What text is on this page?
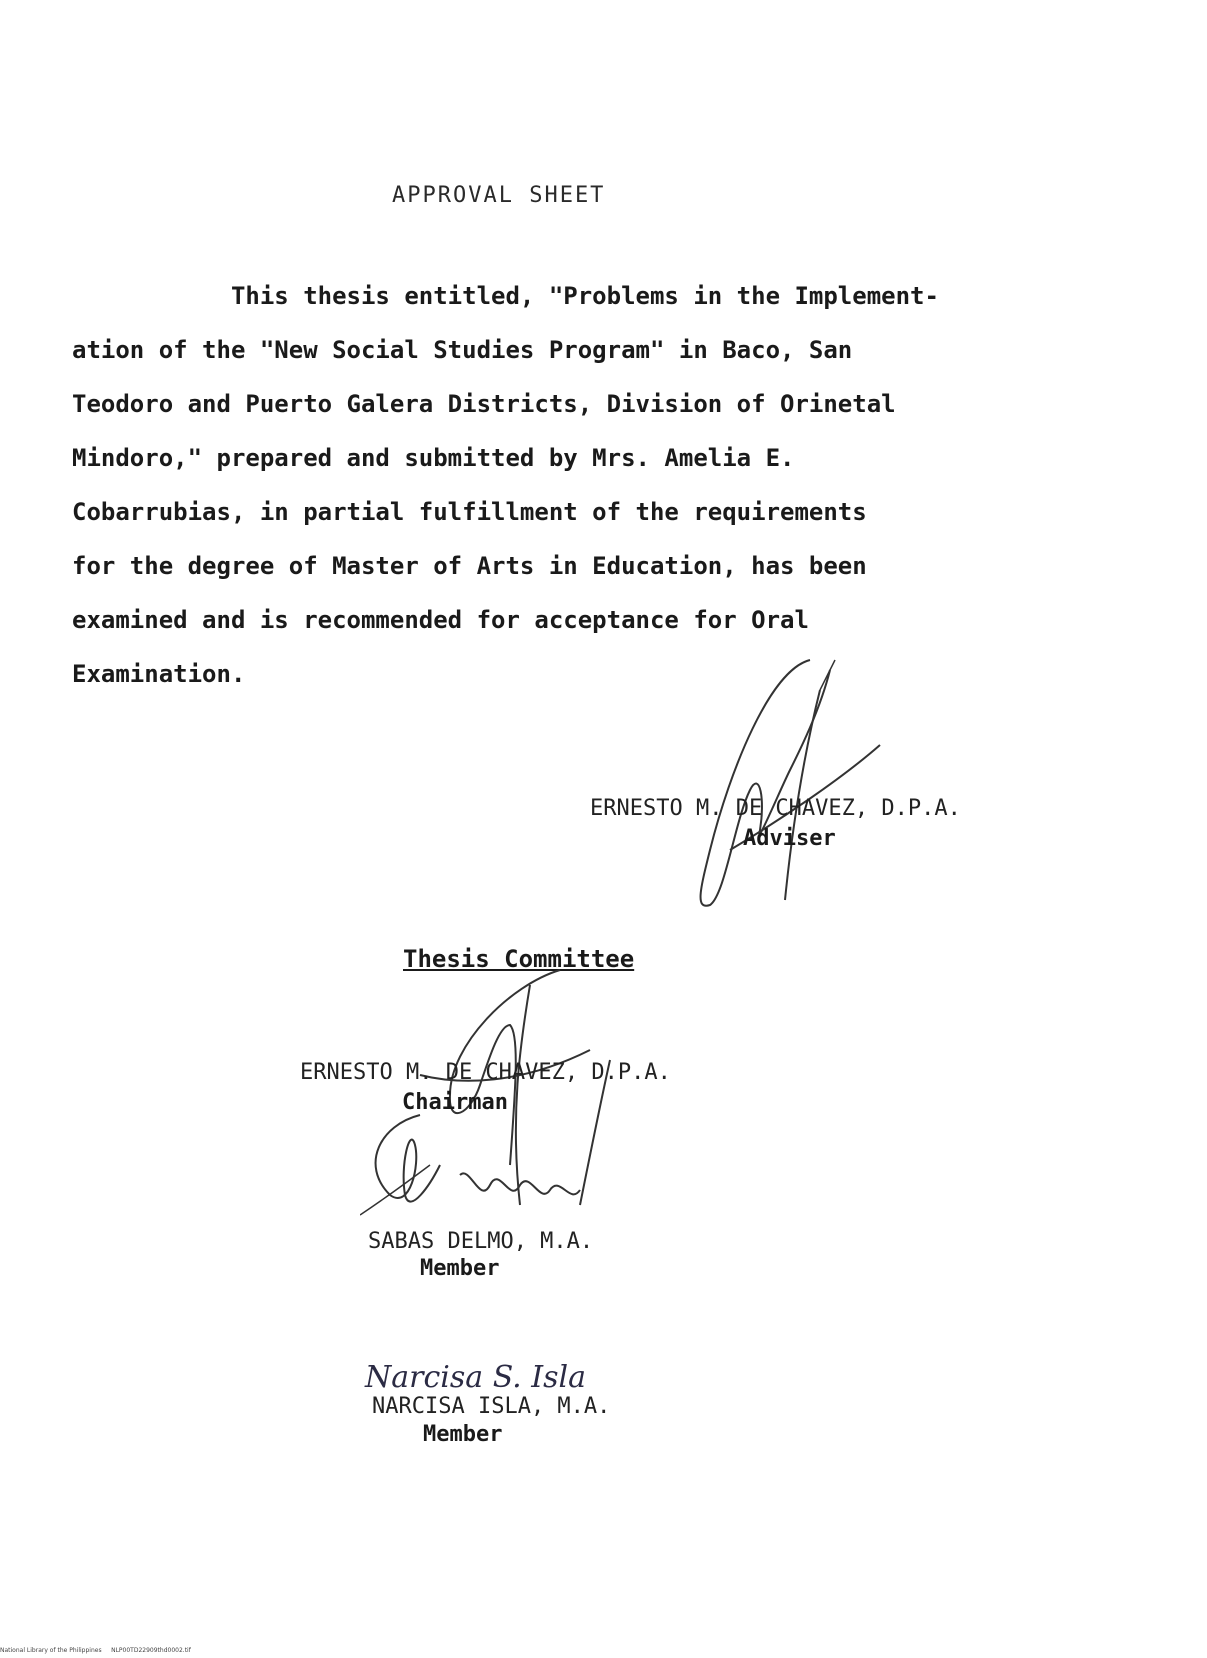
APPROVAL SHEET
This thesis entitled, "Problems in the Implement-
ation of the "New Social Studies Program" in Baco, San
Teodoro and Puerto Galera Districts, Division of Orinetal
Mindoro," prepared and submitted by Mrs. Amelia E.
Cobarrubias, in partial fulfillment of the requirements
for the degree of Master of Arts in Education, has been
examined and is recommended for acceptance for Oral
Examination.
ERNESTO M. DE CHAVEZ, D.P.A.
Adviser
Thesis Committee
ERNESTO M. DE CHAVEZ, D.P.A.
Chairman
SABAS DELMO, M.A.
Member
Narcisa S. Isla
NARCISA ISLA, M.A.
Member
National Library of the Philippines     NLP00TD22909thd0002.tif
